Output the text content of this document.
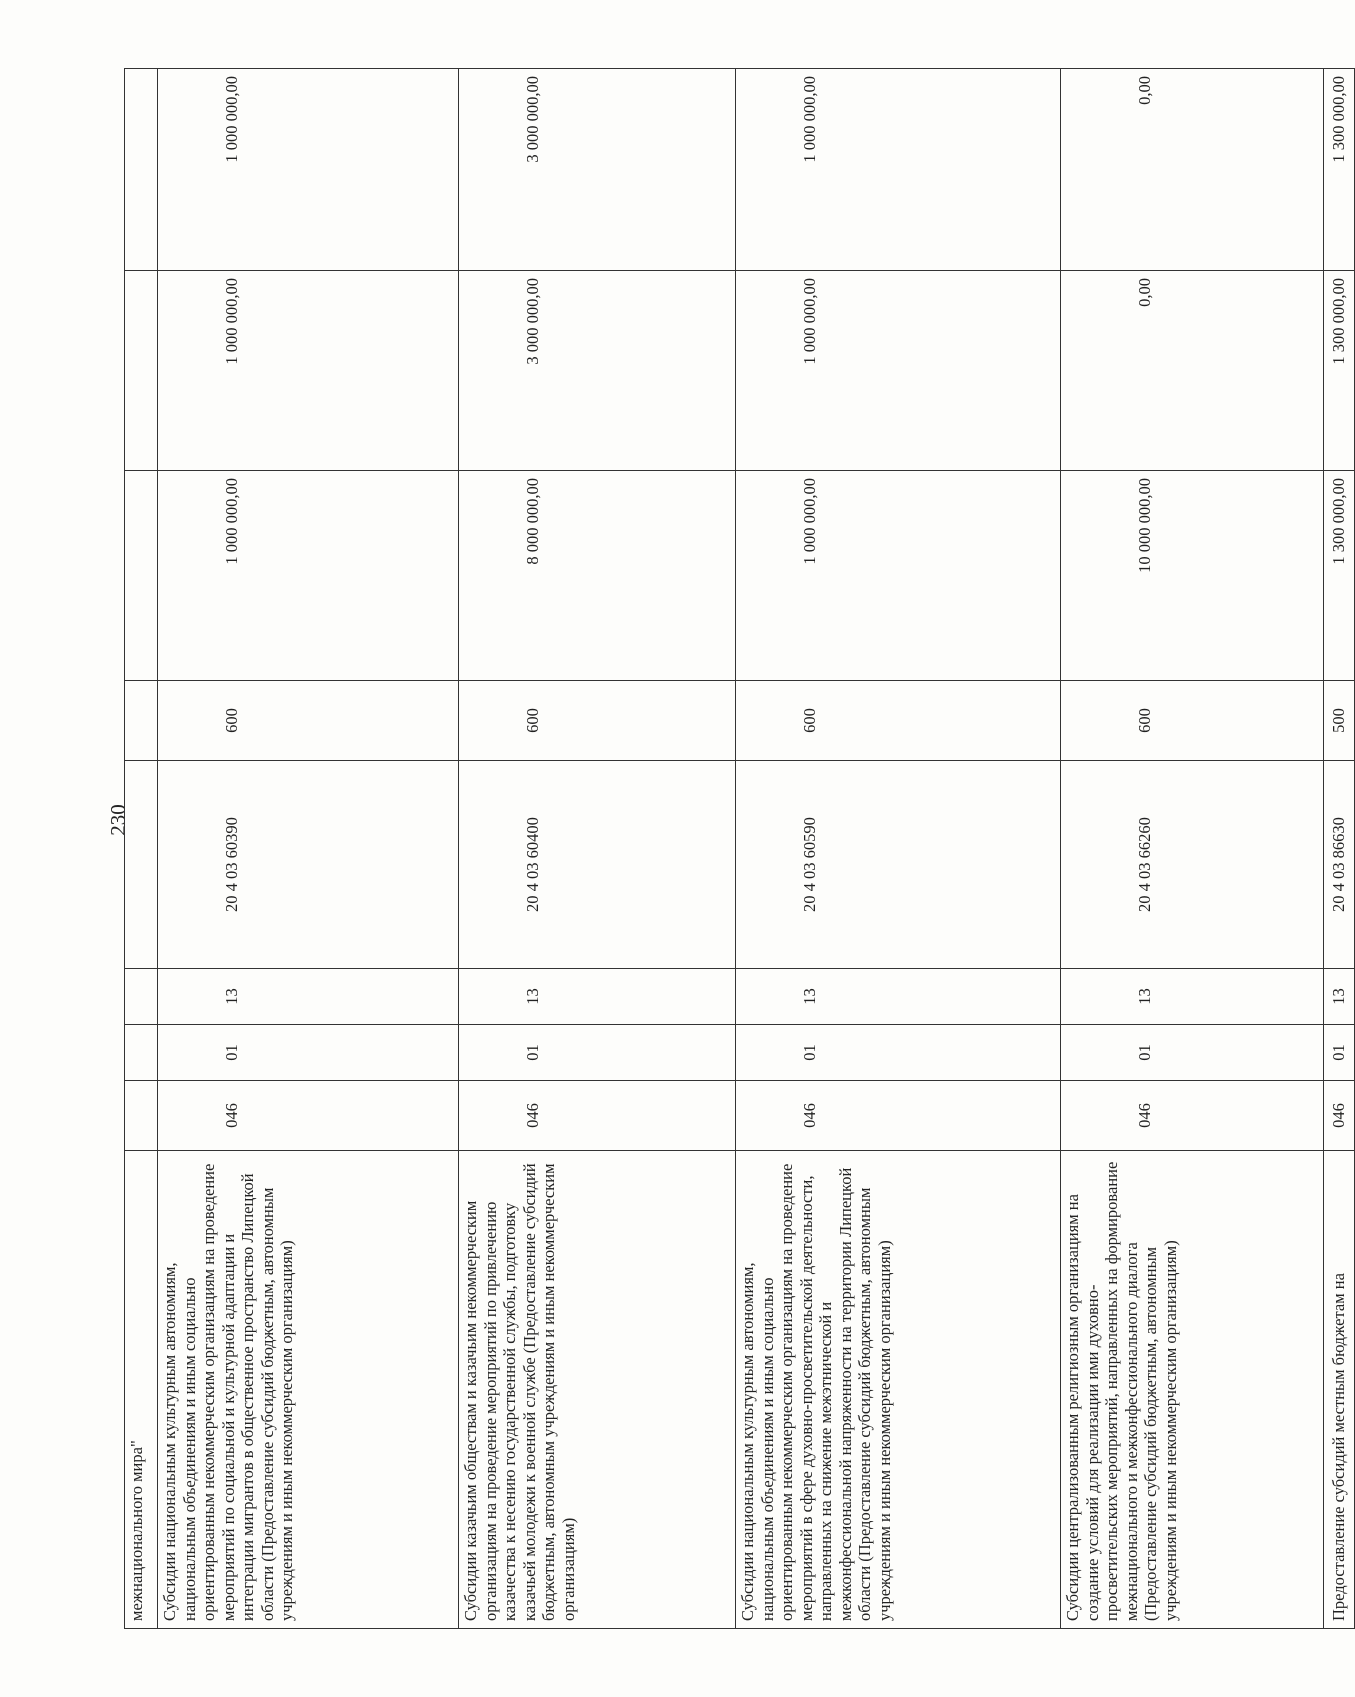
230
межнационального мира"								
Субсидии национальным культурным автономиям, национальным объединениям и иным социально ориентированным некоммерческим организациям на проведение мероприятий по социальной и культурной адаптации и интеграции мигрантов в общественное пространство Липецкой области (Предоставление субсидий бюджетным, автономным учреждениям и иным некоммерческим организациям)	046	01	13	20 4 03 60390	600	1 000 000,00	1 000 000,00	1 000 000,00
Субсидии казачьим обществам и казачьим некоммерческим организациям на проведение мероприятий по привлечению казачества к несению государственной службы, подготовку казачьей молодежи к военной службе (Предоставление субсидий бюджетным, автономным учреждениям и иным некоммерческим организациям)	046	01	13	20 4 03 60400	600	8 000 000,00	3 000 000,00	3 000 000,00
Субсидии национальным культурным автономиям, национальным объединениям и иным социально ориентированным некоммерческим организациям на проведение мероприятий в сфере духовно-просветительской деятельности, направленных на снижение межэтнической и межконфессиональной напряженности на территории Липецкой области (Предоставление субсидий бюджетным, автономным учреждениям и иным некоммерческим организациям)	046	01	13	20 4 03 60590	600	1 000 000,00	1 000 000,00	1 000 000,00
Субсидии централизованным религиозным организациям на создание условий для реализации ими духовно-просветительских мероприятий, направленных на формирование межнационального и межконфессионального диалога (Предоставление субсидий бюджетным, автономным учреждениям и иным некоммерческим организациям)	046	01	13	20 4 03 66260	600	10 000 000,00	0,00	0,00
Предоставление субсидий местным бюджетам на	046	01	13	20 4 03 86630	500	1 300 000,00	1 300 000,00	1 300 000,00
